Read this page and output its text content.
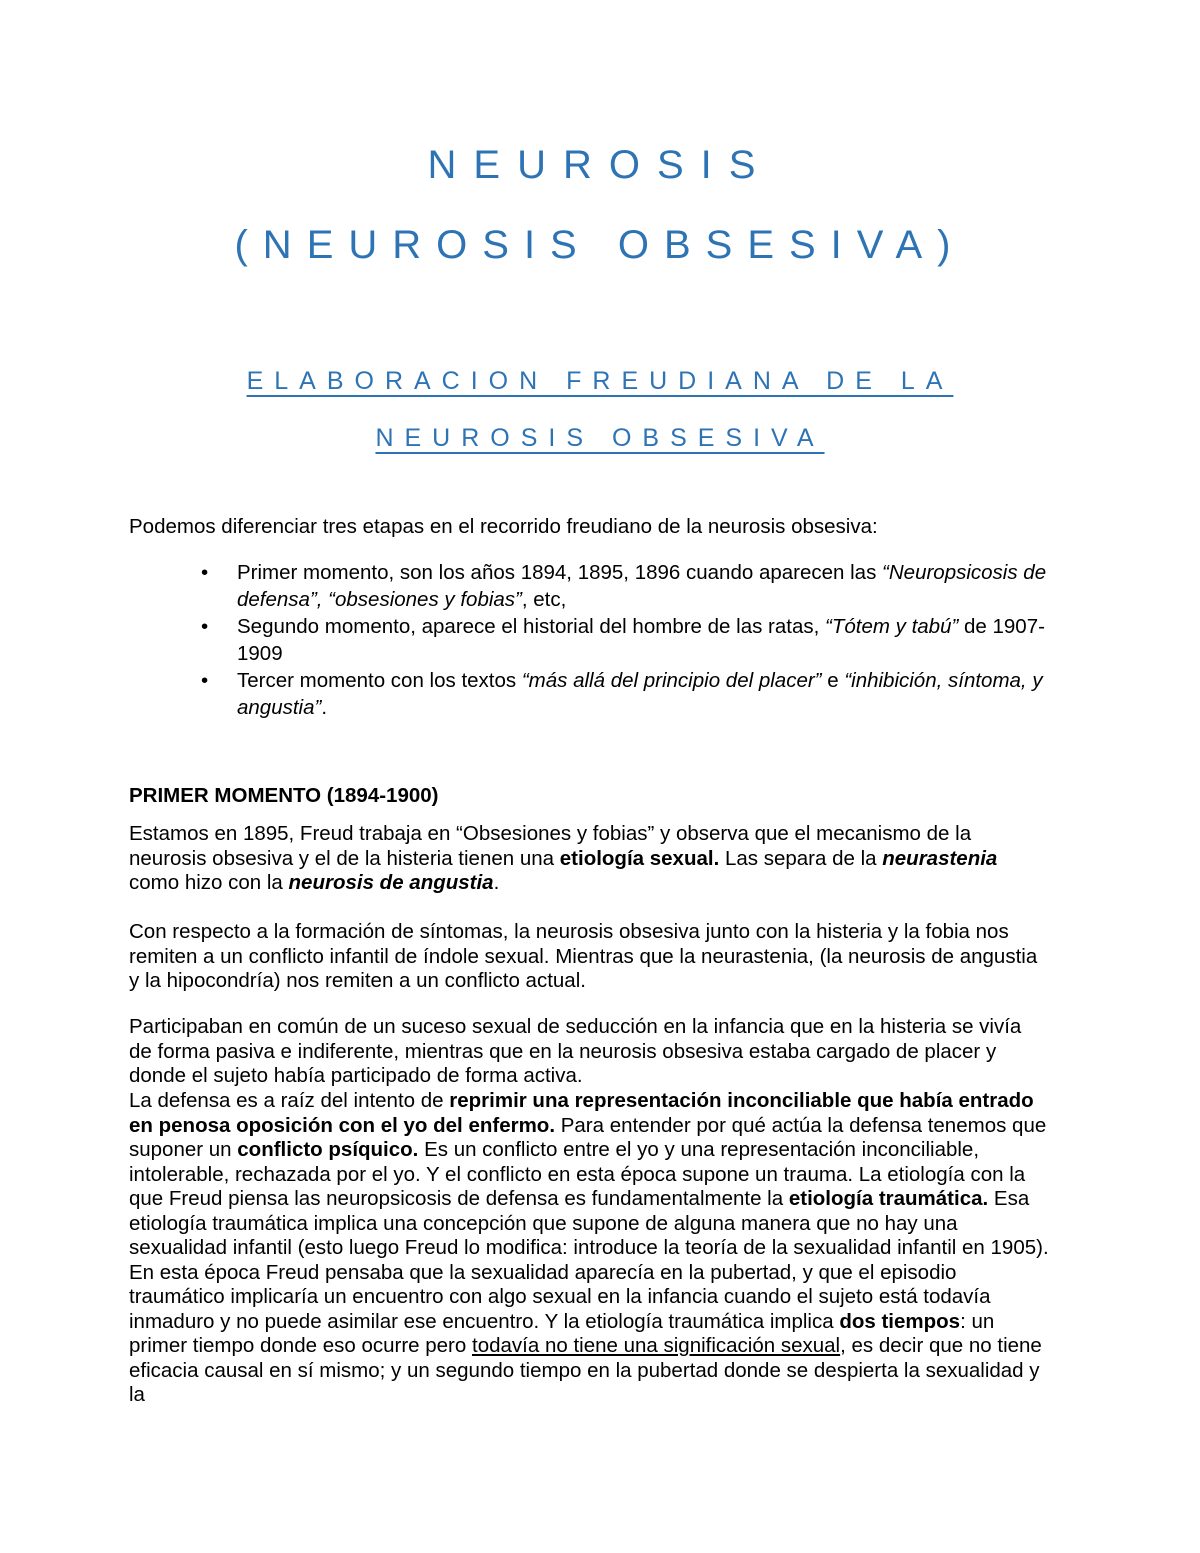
NEUROSIS
(NEUROSIS OBSESIVA)
ELABORACION FREUDIANA DE LA
NEUROSIS OBSESIVA
Podemos diferenciar tres etapas en el recorrido freudiano de la neurosis obsesiva:
• Primer momento, son los años 1894, 1895, 1896 cuando aparecen las “Neuropsicosis de defensa”, “obsesiones y fobias”, etc,
• Segundo momento, aparece el historial del hombre de las ratas, “Tótem y tabú” de 1907-1909
• Tercer momento con los textos “más allá del principio del placer” e “inhibición, síntoma, y angustia”.
PRIMER MOMENTO (1894-1900)
Estamos en 1895, Freud trabaja en “Obsesiones y fobias” y observa que el mecanismo de la neurosis obsesiva y el de la histeria tienen una etiología sexual. Las separa de la neurastenia como hizo con la neurosis de angustia.
Con respecto a la formación de síntomas, la neurosis obsesiva junto con la histeria y la fobia nos remiten a un conflicto infantil de índole sexual. Mientras que la neurastenia, (la neurosis de angustia y la hipocondría) nos remiten a un conflicto actual.
Participaban en común de un suceso sexual de seducción en la infancia que en la histeria se vivía de forma pasiva e indiferente, mientras que en la neurosis obsesiva estaba cargado de placer y donde el sujeto había participado de forma activa.
La defensa es a raíz del intento de reprimir una representación inconciliable que había entrado en penosa oposición con el yo del enfermo. Para entender por qué actúa la defensa tenemos que suponer un conflicto psíquico. Es un conflicto entre el yo y una representación inconciliable, intolerable, rechazada por el yo. Y el conflicto en esta época supone un trauma. La etiología con la que Freud piensa las neuropsicosis de defensa es fundamentalmente la etiología traumática. Esa etiología traumática implica una concepción que supone de alguna manera que no hay una sexualidad infantil (esto luego Freud lo modifica: introduce la teoría de la sexualidad infantil en 1905). En esta época Freud pensaba que la sexualidad aparecía en la pubertad, y que el episodio traumático implicaría un encuentro con algo sexual en la infancia cuando el sujeto está todavía inmaduro y no puede asimilar ese encuentro. Y la etiología traumática implica dos tiempos: un primer tiempo donde eso ocurre pero todavía no tiene una significación sexual, es decir que no tiene eficacia causal en sí mismo; y un segundo tiempo en la pubertad donde se despierta la sexualidad y la
